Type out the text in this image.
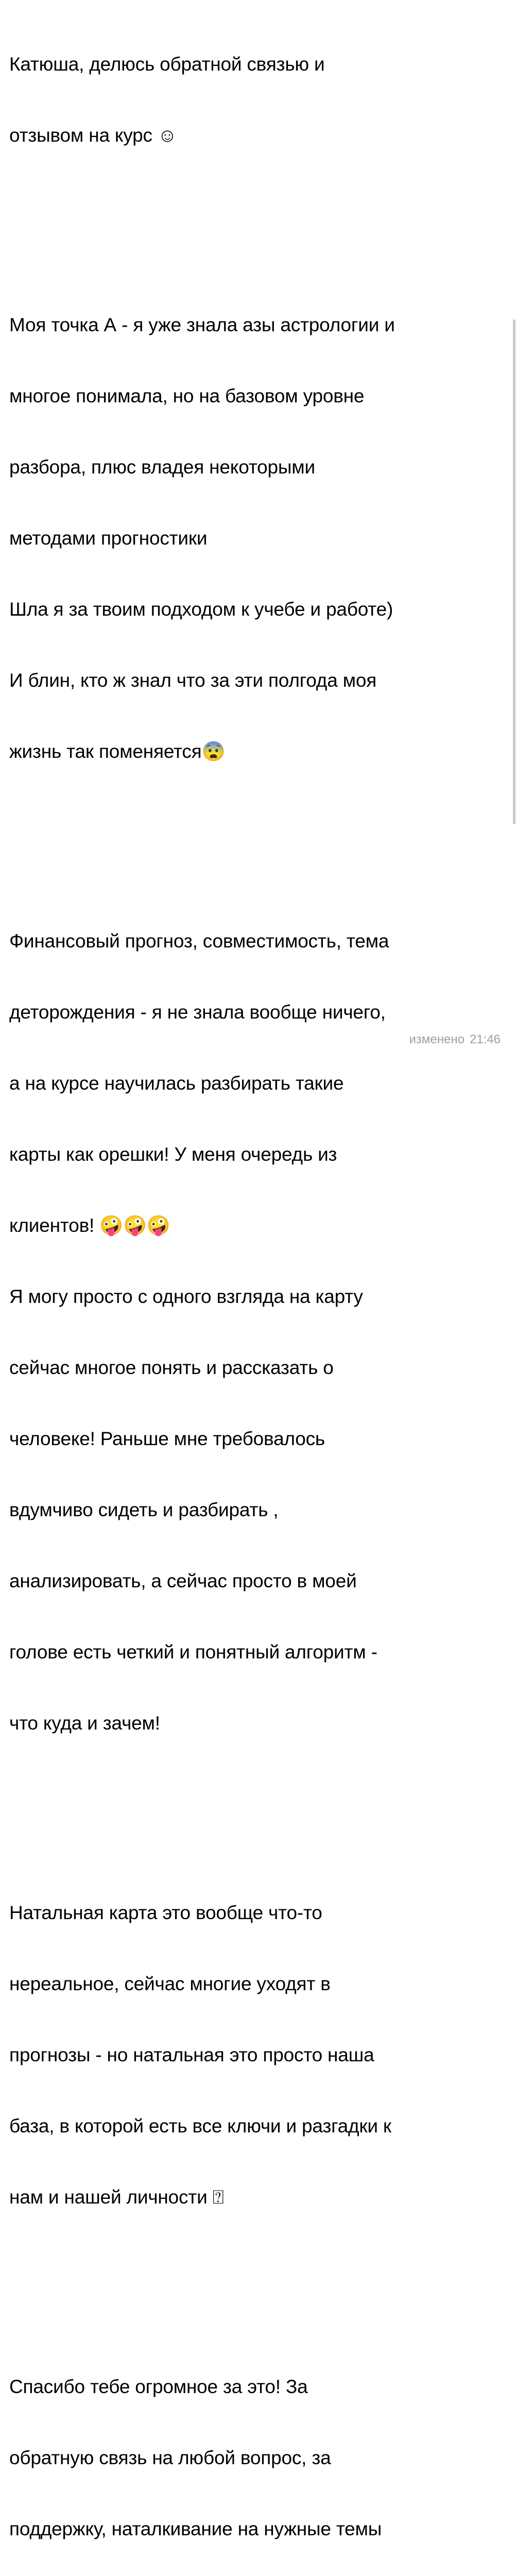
Катюша, делюсь обратной связью и

отзывом на курс ☺

Моя точка А - я уже знала азы астрологии и

многое понимала, но на базовом уровне

разбора, плюс владея некоторыми

методами прогностики

Шла я за твоим подходом к учебе и работе)

И блин, кто ж знал что за эти полгода моя

жизнь так поменяется😨

Финансовый прогноз, совместимость, тема

деторождения - я не знала вообще ничего,

а на курсе научилась разбирать такие

карты как орешки! У меня очередь из

клиентов! 🤪🤪🤪

Я могу просто с одного взгляда на карту

сейчас многое понять и рассказать о

человеке! Раньше мне требовалось

вдумчиво сидеть и разбирать ,

анализировать, а сейчас просто в моей

голове есть четкий и понятный алгоритм -

что куда и зачем!

Натальная карта это вообще что-то

нереальное, сейчас многие уходят в

прогнозы - но натальная это просто наша

база, в которой есть все ключи и разгадки к

нам и нашей личности ⍰

Спасибо тебе огромное за это! За

обратную связь на любой вопрос, за

поддержку, наталкивание на нужные темы

изменено 21:46
